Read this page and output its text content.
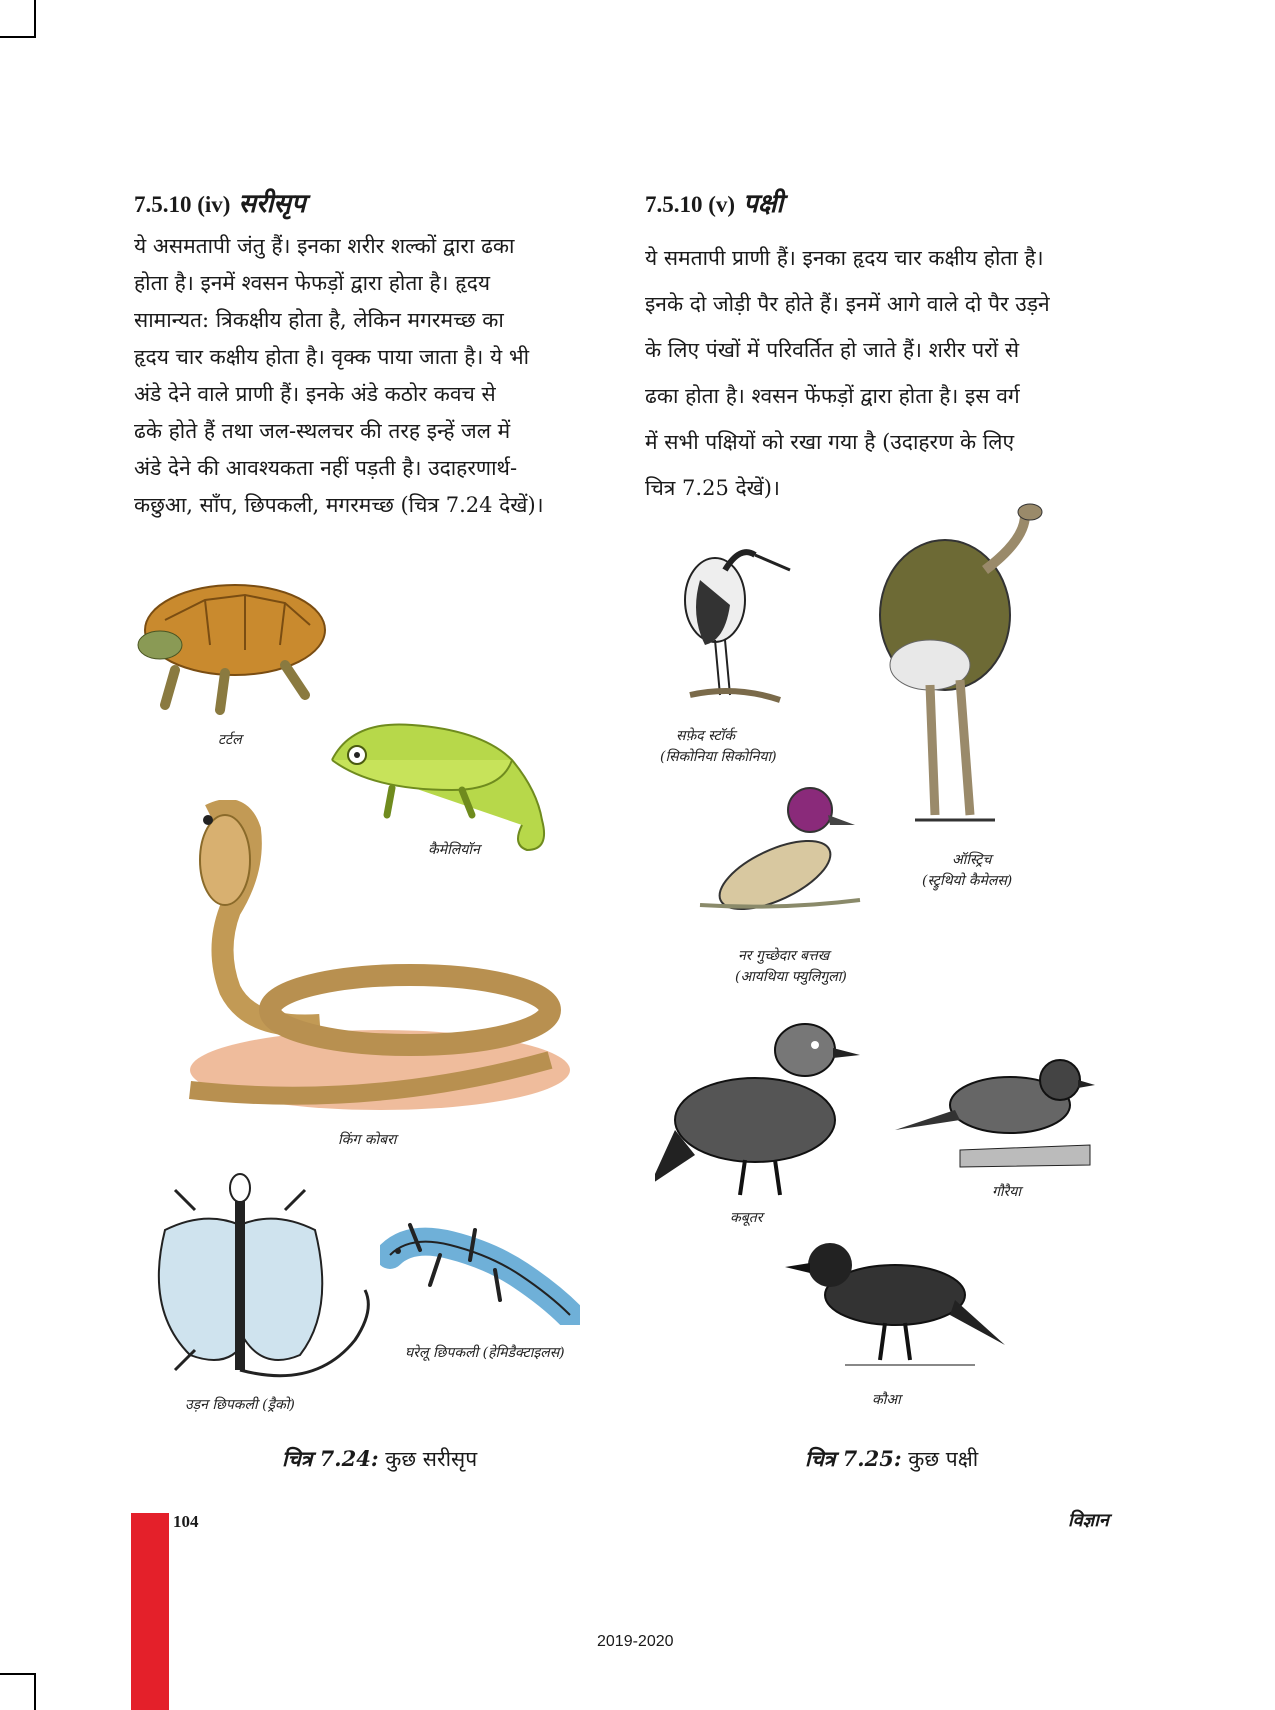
7.5.10 (iv) सरीसृप
ये असमतापी जंतु हैं। इनका शरीर शल्कों द्वारा ढका
होता है। इनमें श्वसन फेफड़ों द्वारा होता है। हृदय
सामान्यत: त्रिकक्षीय होता है, लेकिन मगरमच्छ का
हृदय चार कक्षीय होता है। वृक्क पाया जाता है। ये भी
अंडे देने वाले प्राणी हैं। इनके अंडे कठोर कवच से
ढके होते हैं तथा जल-स्थलचर की तरह इन्हें जल में
अंडे देने की आवश्यकता नहीं पड़ती है। उदाहरणार्थ-
कछुआ, साँप, छिपकली, मगरमच्छ (चित्र 7.24 देखें)।
7.5.10 (v) पक्षी
ये समतापी प्राणी हैं। इनका हृदय चार कक्षीय होता है।
इनके दो जोड़ी पैर होते हैं। इनमें आगे वाले दो पैर उड़ने
के लिए पंखों में परिवर्तित हो जाते हैं। शरीर परों से
ढका होता है। श्वसन फेंफड़ों द्वारा होता है। इस वर्ग
में सभी पक्षियों को रखा गया है (उदाहरण के लिए
चित्र 7.25 देखें)।
टर्टल
कैमेलियॉन
किंग कोबरा
उड़न छिपकली (ड्रैको)
घरेलू छिपकली (हेमिडैक्टाइलस)
सफ़ेद स्टॉर्क
(सिकोनिया सिकोनिया)
ऑस्ट्रिच
(स्ट्रुथियो कैमेलस)
नर गुच्छेदार बत्तख
(आयथिया फ्युलिगुला)
कबूतर
गौरैया
कौआ
चित्र 7.24: कुछ सरीसृप	चित्र 7.25: कुछ पक्षी
104	विज्ञान
2019-2020
